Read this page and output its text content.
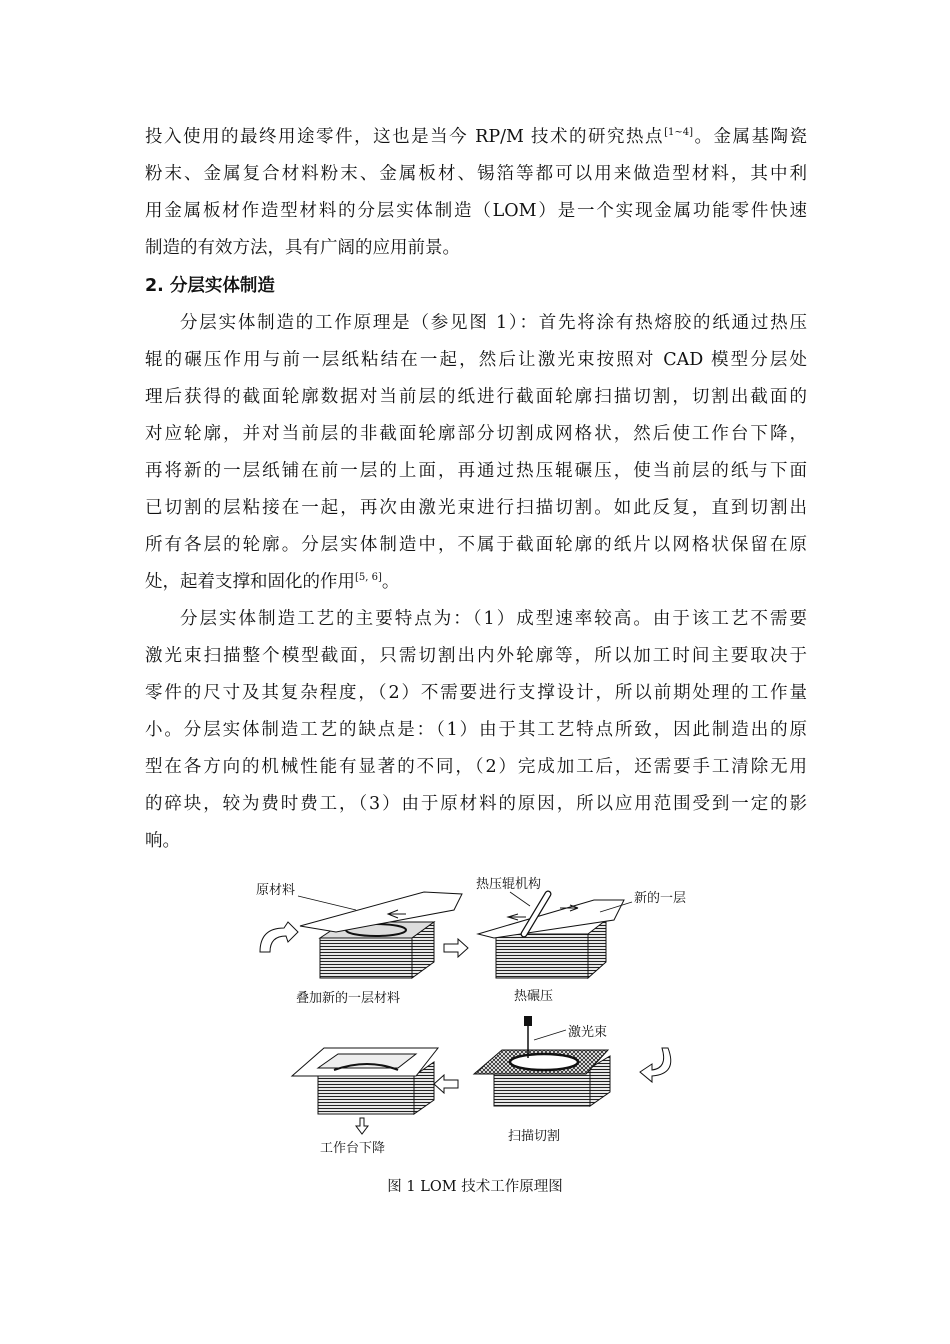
投入使用的最终用途零件，这也是当今 RP/M 技术的研究热点[1~4]。金属基陶瓷
粉末、金属复合材料粉末、金属板材、锡箔等都可以用来做造型材料，其中利
用金属板材作造型材料的分层实体制造（LOM）是一个实现金属功能零件快速
制造的有效方法，具有广阔的应用前景。
2. 分层实体制造
分层实体制造的工作原理是（参见图 1）：首先将涂有热熔胶的纸通过热压
辊的碾压作用与前一层纸粘结在一起，然后让激光束按照对 CAD 模型分层处
理后获得的截面轮廓数据对当前层的纸进行截面轮廓扫描切割，切割出截面的
对应轮廓，并对当前层的非截面轮廓部分切割成网格状，然后使工作台下降，
再将新的一层纸铺在前一层的上面，再通过热压辊碾压，使当前层的纸与下面
已切割的层粘接在一起，再次由激光束进行扫描切割。如此反复，直到切割出
所有各层的轮廓。分层实体制造中，不属于截面轮廓的纸片以网格状保留在原
处，起着支撑和固化的作用[5, 6]。
分层实体制造工艺的主要特点为：（1）成型速率较高。由于该工艺不需要
激光束扫描整个模型截面，只需切割出内外轮廓等，所以加工时间主要取决于
零件的尺寸及其复杂程度，（2）不需要进行支撑设计，所以前期处理的工作量
小。分层实体制造工艺的缺点是：（1）由于其工艺特点所致，因此制造出的原
型在各方向的机械性能有显著的不同，（2）完成加工后，还需要手工清除无用
的碎块，较为费时费工，（3）由于原材料的原因，所以应用范围受到一定的影
响。
原材料
叠加新的一层材料
热压辊机构
新的一层
热碾压
激光束
扫描切割
工作台下降
图 1 LOM 技术工作原理图
